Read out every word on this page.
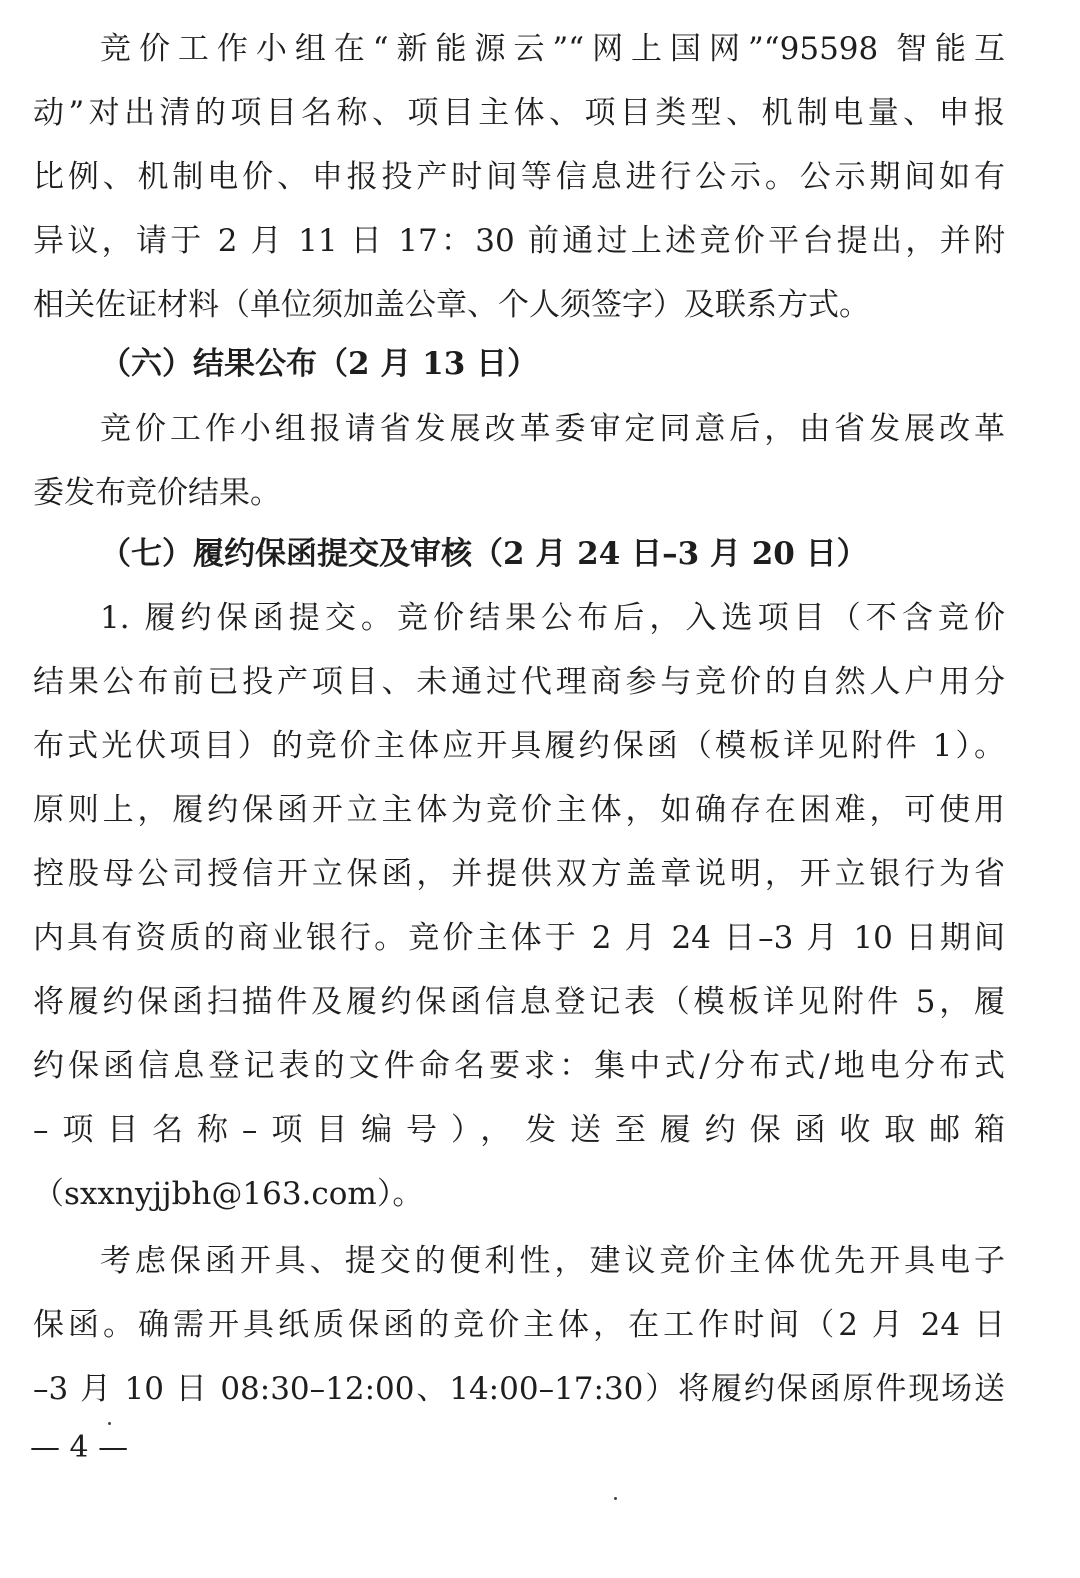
竞价工作小组在“新能源云”“网上国网”“95598 智能互
动”对出清的项目名称、项目主体、项目类型、机制电量、申报
比例、机制电价、申报投产时间等信息进行公示。公示期间如有
异议，请于 2 月 11 日 17：30 前通过上述竞价平台提出，并附
相关佐证材料（单位须加盖公章、个人须签字）及联系方式。
（六）结果公布（2 月 13 日）
竞价工作小组报请省发展改革委审定同意后，由省发展改革
委发布竞价结果。
（七）履约保函提交及审核（2 月 24 日–3 月 20 日）
1. 履约保函提交。竞价结果公布后，入选项目（不含竞价
结果公布前已投产项目、未通过代理商参与竞价的自然人户用分
布式光伏项目）的竞价主体应开具履约保函（模板详见附件 1）。
原则上，履约保函开立主体为竞价主体，如确存在困难，可使用
控股母公司授信开立保函，并提供双方盖章说明，开立银行为省
内具有资质的商业银行。竞价主体于 2 月 24 日–3 月 10 日期间
将履约保函扫描件及履约保函信息登记表（模板详见附件 5，履
约保函信息登记表的文件命名要求：集中式/分布式/地电分布式
–项目名称–项目编号），发送至履约保函收取邮箱
（sxxnyjjbh@163.com）。
考虑保函开具、提交的便利性，建议竞价主体优先开具电子
保函。确需开具纸质保函的竞价主体，在工作时间（2 月 24 日
–3 月 10 日 08:30–12:00、14:00–17:30）将履约保函原件现场送
— 4 —
